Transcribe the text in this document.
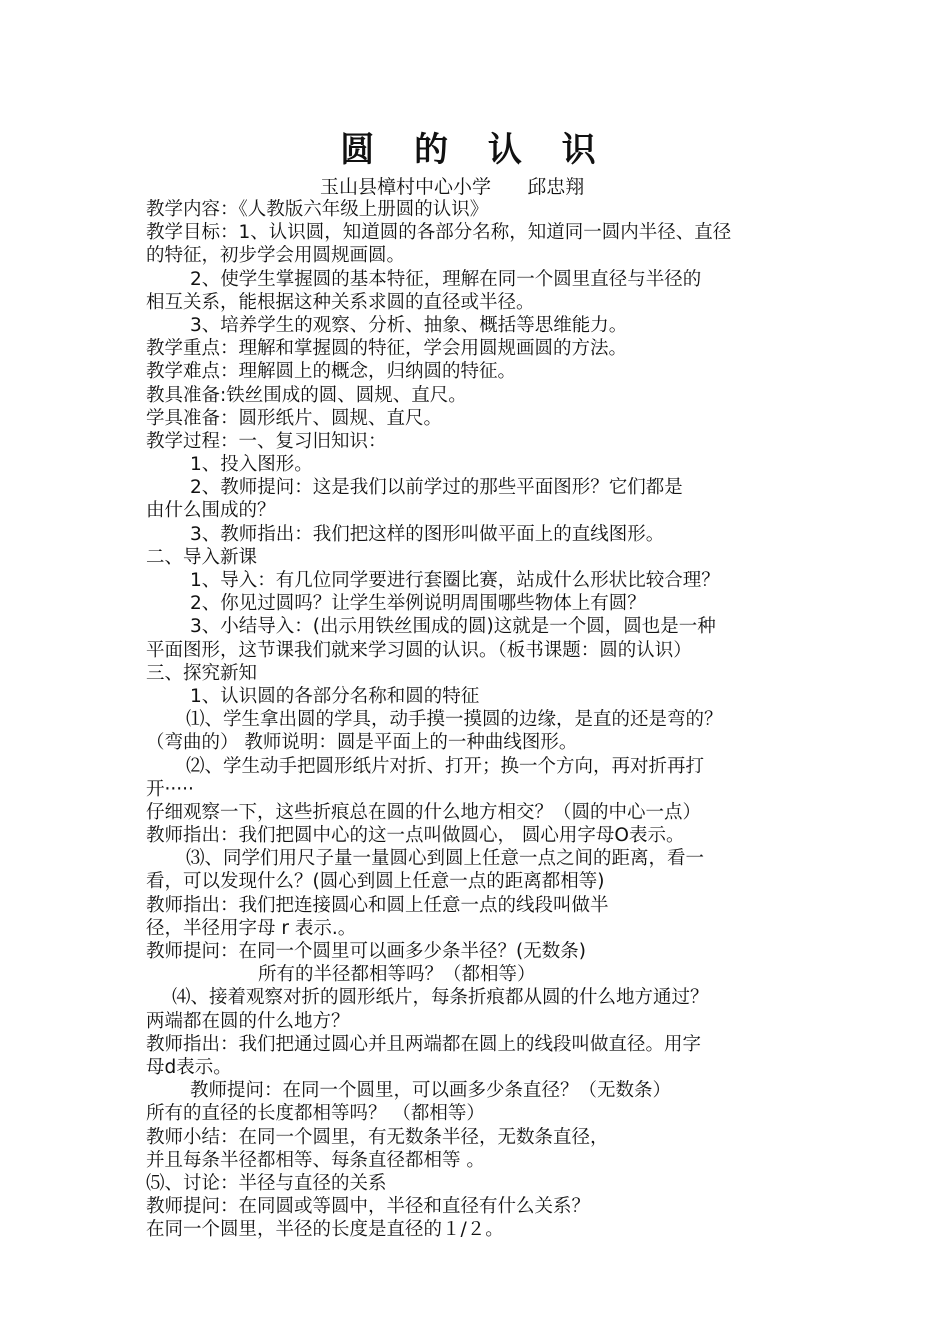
圆 的 认 识
玉山县樟村中心小学      邱忠翔
教学内容：《人教版六年级上册圆的认识》
教学目标：1、认识圆，知道圆的各部分名称，知道同一圆内半径、直径
的特征，初步学会用圆规画圆。
2、使学生掌握圆的基本特征，理解在同一个圆里直径与半径的
相互关系，能根据这种关系求圆的直径或半径。
3、培养学生的观察、分析、抽象、概括等思维能力。
教学重点：理解和掌握圆的特征，学会用圆规画圆的方法。
教学难点：理解圆上的概念，归纳圆的特征。
教具准备:铁丝围成的圆、圆规、直尺。
学具准备：圆形纸片、圆规、直尺。
教学过程：一、复习旧知识：
1、投入图形。
2、教师提问：这是我们以前学过的那些平面图形？它们都是
由什么围成的？
3、教师指出：我们把这样的图形叫做平面上的直线图形。
二、导入新课
1、导入：有几位同学要进行套圈比赛，站成什么形状比较合理？
2、你见过圆吗？让学生举例说明周围哪些物体上有圆？
3、小结导入：(出示用铁丝围成的圆)这就是一个圆，圆也是一种
平面图形，这节课我们就来学习圆的认识。（板书课题：圆的认识）
三、探究新知
1、认识圆的各部分名称和圆的特征
⑴、学生拿出圆的学具，动手摸一摸圆的边缘，是直的还是弯的？
（弯曲的） 教师说明：圆是平面上的一种曲线图形。
⑵、学生动手把圆形纸片对折、打开；换一个方向，再对折再打
开·····
仔细观察一下，这些折痕总在圆的什么地方相交？（圆的中心一点）
教师指出：我们把圆中心的这一点叫做圆心， 圆心用字母O表示。
⑶、同学们用尺子量一量圆心到圆上任意一点之间的距离，看一
看，可以发现什么？(圆心到圆上任意一点的距离都相等)
教师指出：我们把连接圆心和圆上任意一点的线段叫做半
径，半径用字母 r 表示.。
教师提问：在同一个圆里可以画多少条半径？(无数条)
所有的半径都相等吗？（都相等）
⑷、接着观察对折的圆形纸片，每条折痕都从圆的什么地方通过？
两端都在圆的什么地方？
教师指出：我们把通过圆心并且两端都在圆上的线段叫做直径。用字
母d表示。
教师提问：在同一个圆里，可以画多少条直径？（无数条）
所有的直径的长度都相等吗？ （都相等）
教师小结：在同一个圆里，有无数条半径，无数条直径，
并且每条半径都相等、每条直径都相等 。
⑸、讨论：半径与直径的关系
教师提问：在同圆或等圆中，半径和直径有什么关系？
在同一个圆里，半径的长度是直径的１/２。
